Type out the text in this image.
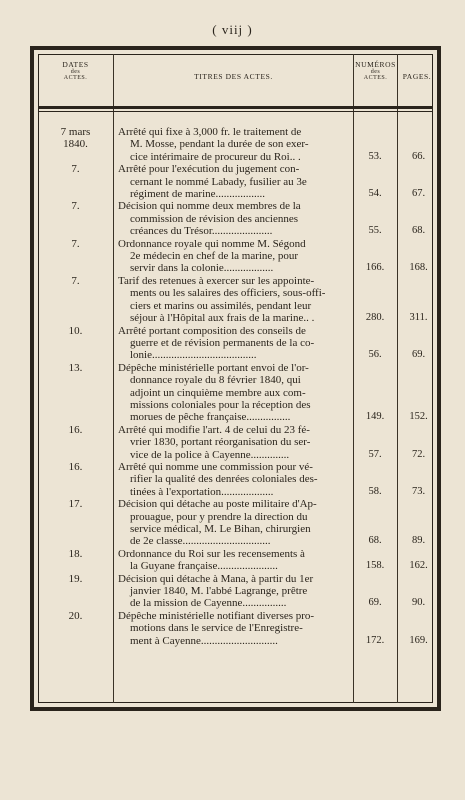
( viij )
DATES
des
ACTES.	TITRES DES ACTES.
NUMÉROS
des
ACTES.	PAGES.
7 mars
1840.
Arrêté qui fixe à 3,000 fr. le traitement de
M. Mosse, pendant la durée de son exer-
cice intérimaire de procureur du Roi.. .	53.	66.
7.	Arrêté pour l'exécution du jugement con-
cernant le nommé Labady, fusilier au 3e
régiment de marine..................	54.	67.
7.	Décision qui nomme deux membres de la
commission de révision des anciennes
créances du Trésor......................	55.	68.
7.	Ordonnance royale qui nomme M. Ségond
2e médecin en chef de la marine, pour
servir dans la colonie..................	166.	168.
7.	Tarif des retenues à exercer sur les appointe-
ments ou les salaires des officiers, sous-offi-
ciers et marins ou assimilés, pendant leur
séjour à l'Hôpital aux frais de la marine.. .	280.	311.
10.	Arrêté portant composition des conseils de
guerre et de révision permanents de la co-
lonie......................................	56.	69.
13.	Dépêche ministérielle portant envoi de l'or-
donnance royale du 8 février 1840, qui
adjoint un cinquième membre aux com-
missions coloniales pour la réception des
morues de pêche française................	149.	152.
16.	Arrêté qui modifie l'art. 4 de celui du 23 fé-
vrier 1830, portant réorganisation du ser-
vice de la police à Cayenne..............	57.	72.
16.	Arrêté qui nomme une commission pour vé-
rifier la qualité des denrées coloniales des-
tinées à l'exportation...................	58.	73.
17.	Décision qui détache au poste militaire d'Ap-
prouague, pour y prendre la direction du
service médical, M. Le Bihan, chirurgien
de 2e classe................................	68.	89.
18.	Ordonnance du Roi sur les recensements à
la Guyane française......................	158.	162.
19.	Décision qui détache à Mana, à partir du 1er
janvier 1840, M. l'abbé Lagrange, prêtre
de la mission de Cayenne................	69.	90.
20.	Dépêche ministérielle notifiant diverses pro-
motions dans le service de l'Enregistre-
ment à Cayenne............................	172.	169.
